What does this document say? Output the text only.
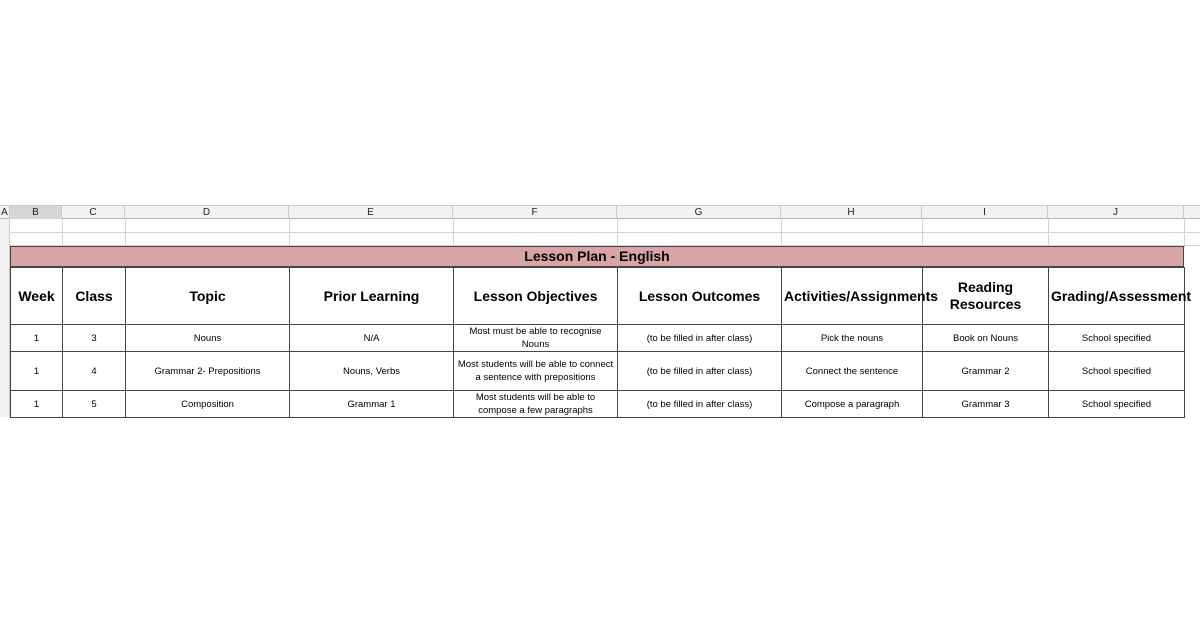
A	B	C	D	E	F	G	H	I	J
Lesson Plan - English
Week	Class	Topic	Prior Learning	Lesson Objectives	Lesson Outcomes	Activities/Assignments	Reading Resources	Grading/Assessment
1	3	Nouns	N/A	Most must be able to recognise Nouns	(to be filled in after class)	Pick the nouns	Book on Nouns	School specified
1	4	Grammar 2- Prepositions	Nouns, Verbs	Most students will be able to connect a sentence with prepositions	(to be filled in after class)	Connect the sentence	Grammar 2	School specified
1	5	Composition	Grammar 1	Most students will be able to compose a few paragraphs	(to be filled in after class)	Compose a paragraph	Grammar 3	School specified
